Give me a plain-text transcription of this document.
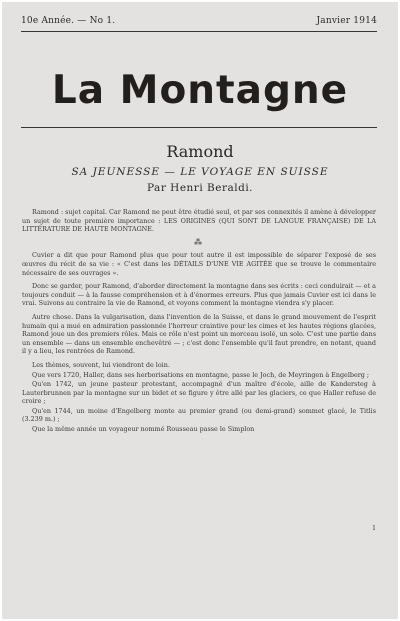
10e Année. — No 1.	Janvier 1914
La Montagne
Ramond
SA JEUNESSE — LE VOYAGE EN SUISSE
Par Henri Beraldi.

Ramond : sujet capital. Car Ramond ne peut être étudié seul, et par ses connexités il amène à développer un sujet de toute première importance : LES ORIGINES (QUI SONT DE LANGUE FRANÇAISE) DE LA LITTÉRATURE DE HAUTE MONTAGNE.

⁂

Cuvier a dit que pour Ramond plus que pour tout autre il est impossible de séparer l'exposé de ses œuvres du récit de sa vie : « C'est dans les DÉTAILS D'UNE VIE AGITÉE que se trouve le commentaire nécessaire de ses ouvrages ».

Donc se garder, pour Ramond, d'aborder directement la montagne dans ses écrits : ceci conduirait — et a toujours conduit — à la fausse compréhension et à d'énormes erreurs. Plus que jamais Cuvier est ici dans le vrai. Suivons au contraire la vie de Ramond, et voyons comment la montagne viendra s'y placer.

Autre chose. Dans la vulgarisation, dans l'invention de la Suisse, et dans le grand mouvement de l'esprit humain qui a mué en admiration passionnée l'horreur craintive pour les cimes et les hautes régions glacées, Ramond joue un des premiers rôles. Mais ce rôle n'est point un morceau isolé, un solo. C'est une partie dans un ensemble — dans un ensemble enchevêtré — ; c'est donc l'ensemble qu'il faut prendre, en notant, quand il y a lieu, les rentrées de Ramond.

Les thèmes, souvent, lui viendront de loin.

Que vers 1720, Haller, dans ses herborisations en montagne, passe le Joch, de Meyringen à Engelberg ;

Qu'en 1742, un jeune pasteur protestant, accompagné d'un maître d'école, aille de Kandersteg à Lauterbrunnen par la montagne sur un bidet et se figure y être allé par les glaciers, ce que Haller refuse de croire ;

Qu'en 1744, un moine d'Engelberg monte au premier grand (ou demi-grand) sommet glacé, le Titlis (3.239 m.) ;

Que la même année un voyageur nommé Rousseau passe le Simplon

1
